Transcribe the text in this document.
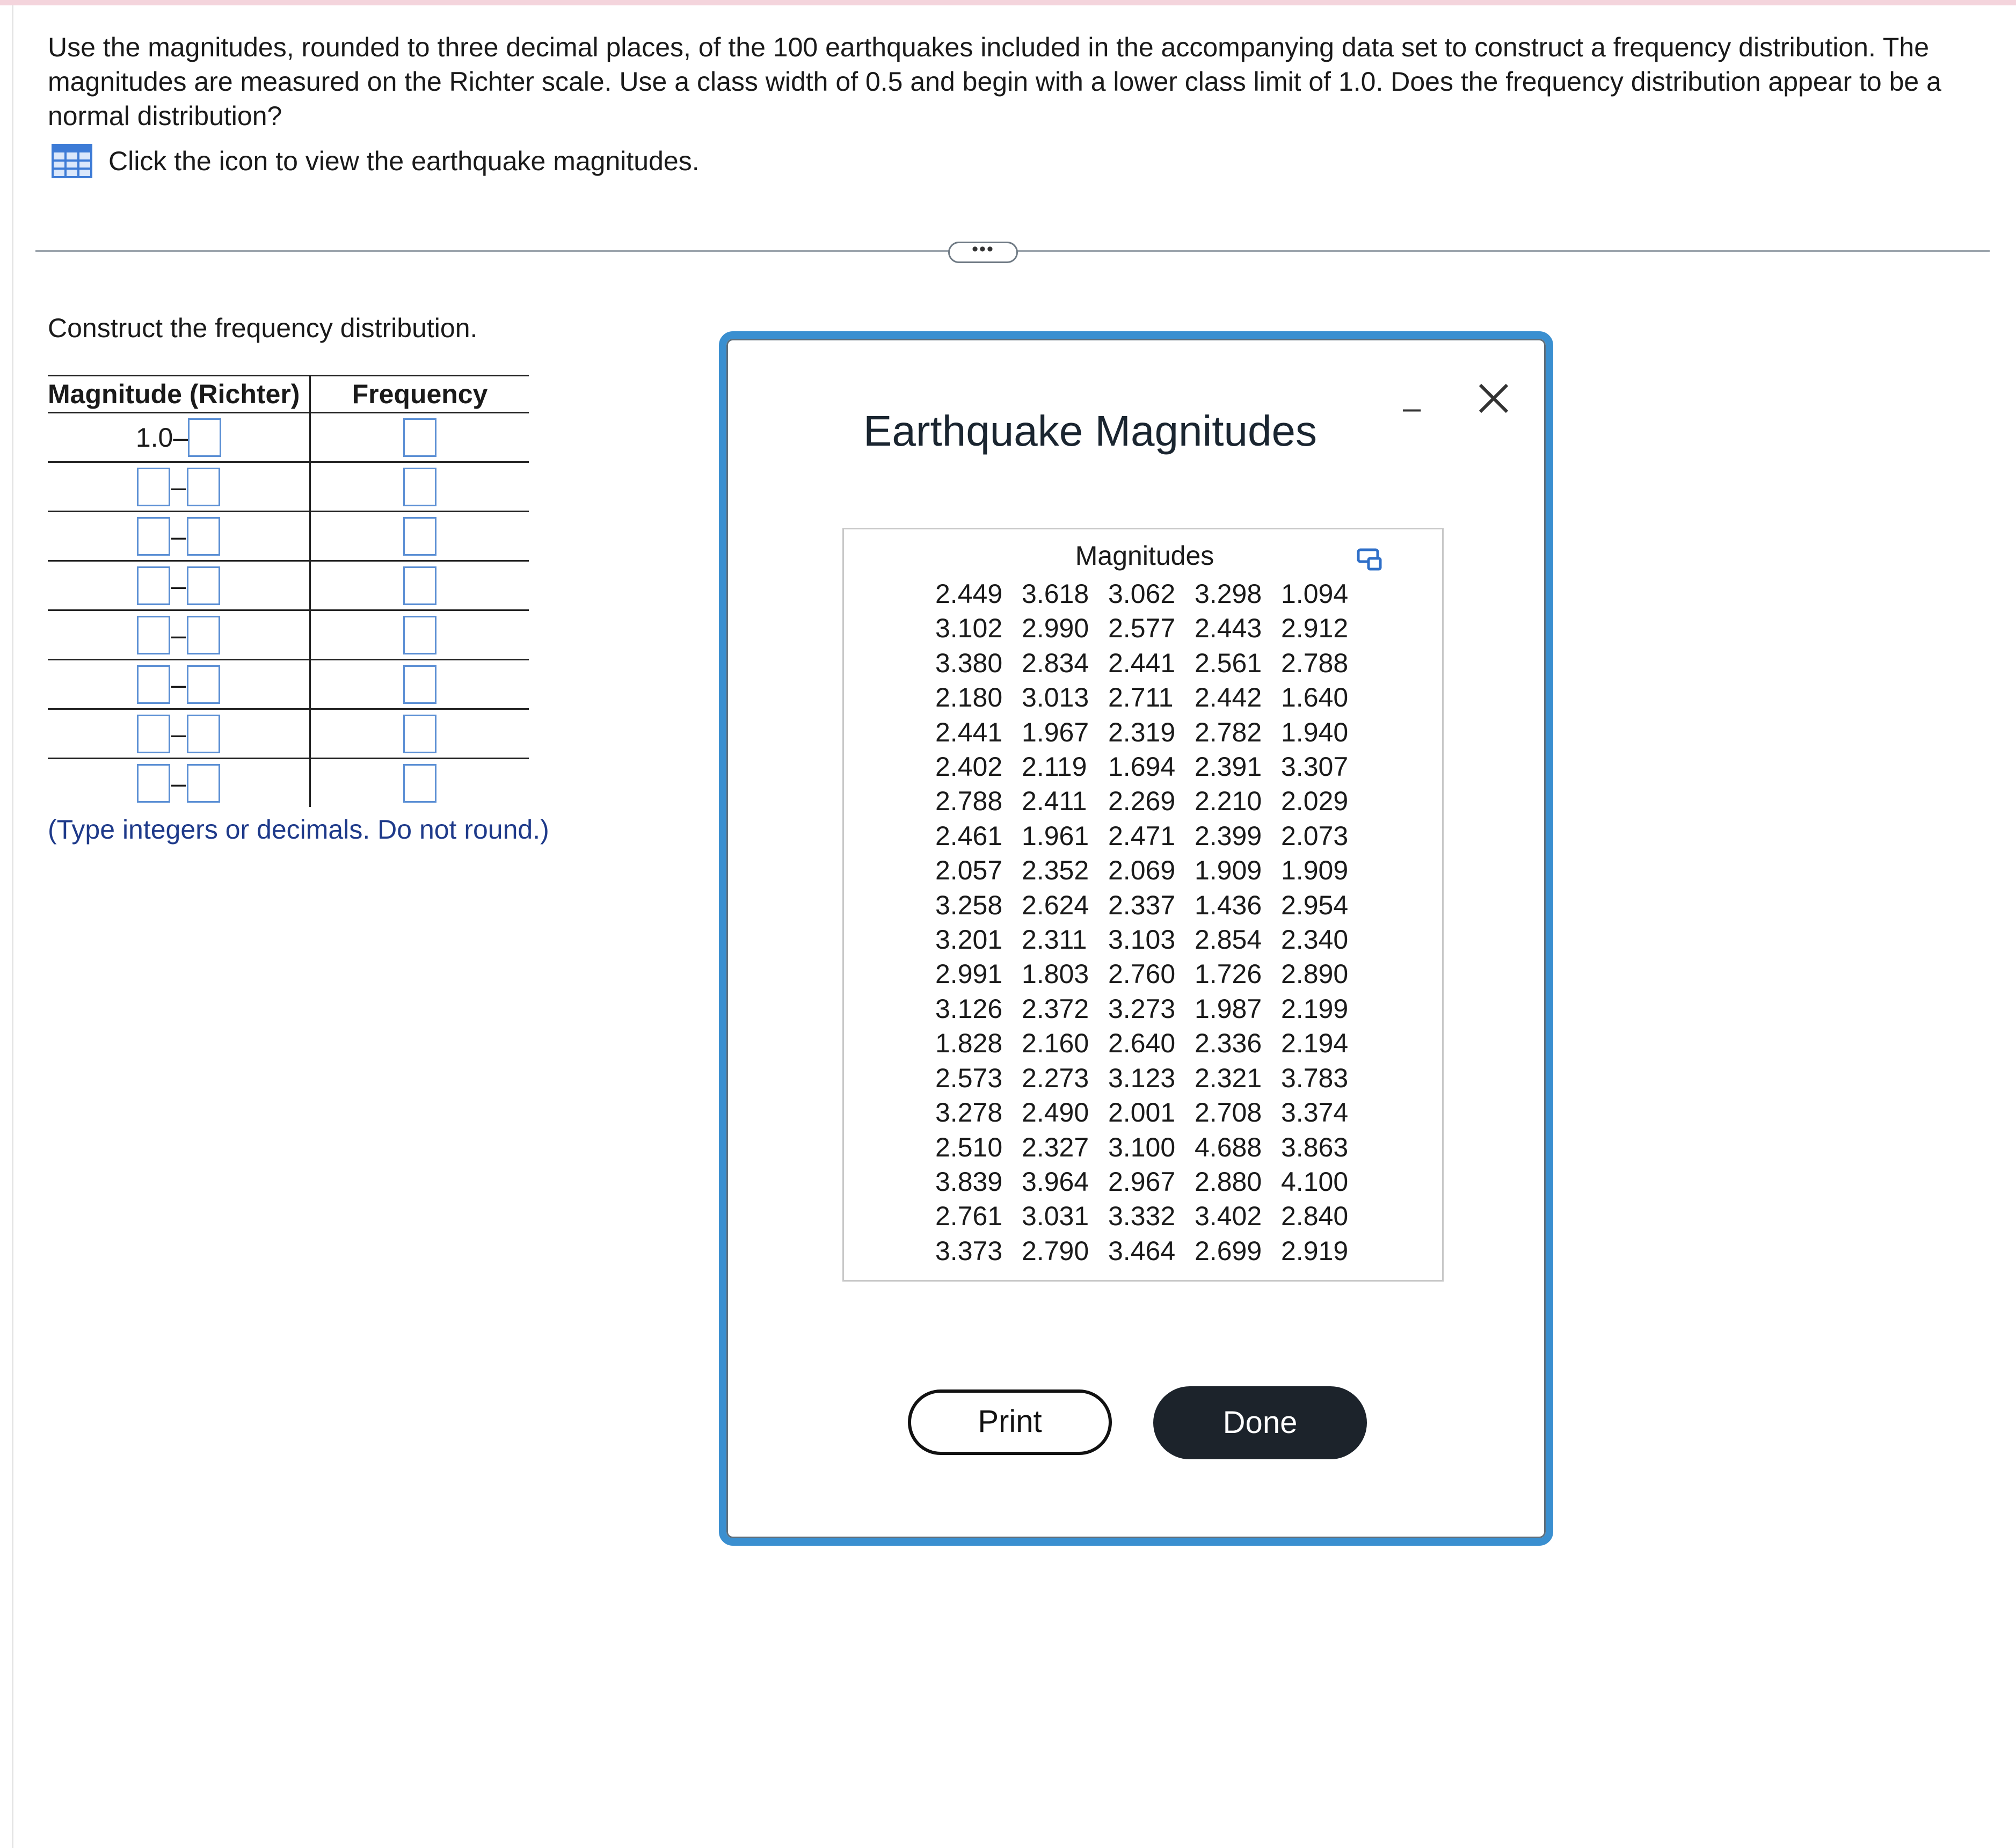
Use the magnitudes, rounded to three decimal places, of the 100 earthquakes included in the accompanying data set to construct a frequency distribution. The magnitudes are measured on the Richter scale. Use a class width of 0.5 and begin with a lower class limit of 1.0. Does the frequency distribution appear to be a normal distribution?
Click the icon to view the earthquake magnitudes.
•••
Construct the frequency distribution.
Magnitude (Richter)	Frequency

1.0–	

–	

–	

–	

–	

–	

–	

–	

(Type integers or decimals. Do not round.)
Earthquake Magnitudes	–
Magnitudes
2.449 3.618 3.062 3.298 1.094
3.102 2.990 2.577 2.443 2.912
3.380 2.834 2.441 2.561 2.788
2.180 3.013 2.711 2.442 1.640
2.441 1.967 2.319 2.782 1.940
2.402 2.119 1.694 2.391 3.307
2.788 2.411 2.269 2.210 2.029
2.461 1.961 2.471 2.399 2.073
2.057 2.352 2.069 1.909 1.909
3.258 2.624 2.337 1.436 2.954
3.201 2.311 3.103 2.854 2.340
2.991 1.803 2.760 1.726 2.890
3.126 2.372 3.273 1.987 2.199
1.828 2.160 2.640 2.336 2.194
2.573 2.273 3.123 2.321 3.783
3.278 2.490 2.001 2.708 3.374
2.510 2.327 3.100 4.688 3.863
3.839 3.964 2.967 2.880 4.100
2.761 3.031 3.332 3.402 2.840
3.373 2.790 3.464 2.699 2.919
Print	Done
